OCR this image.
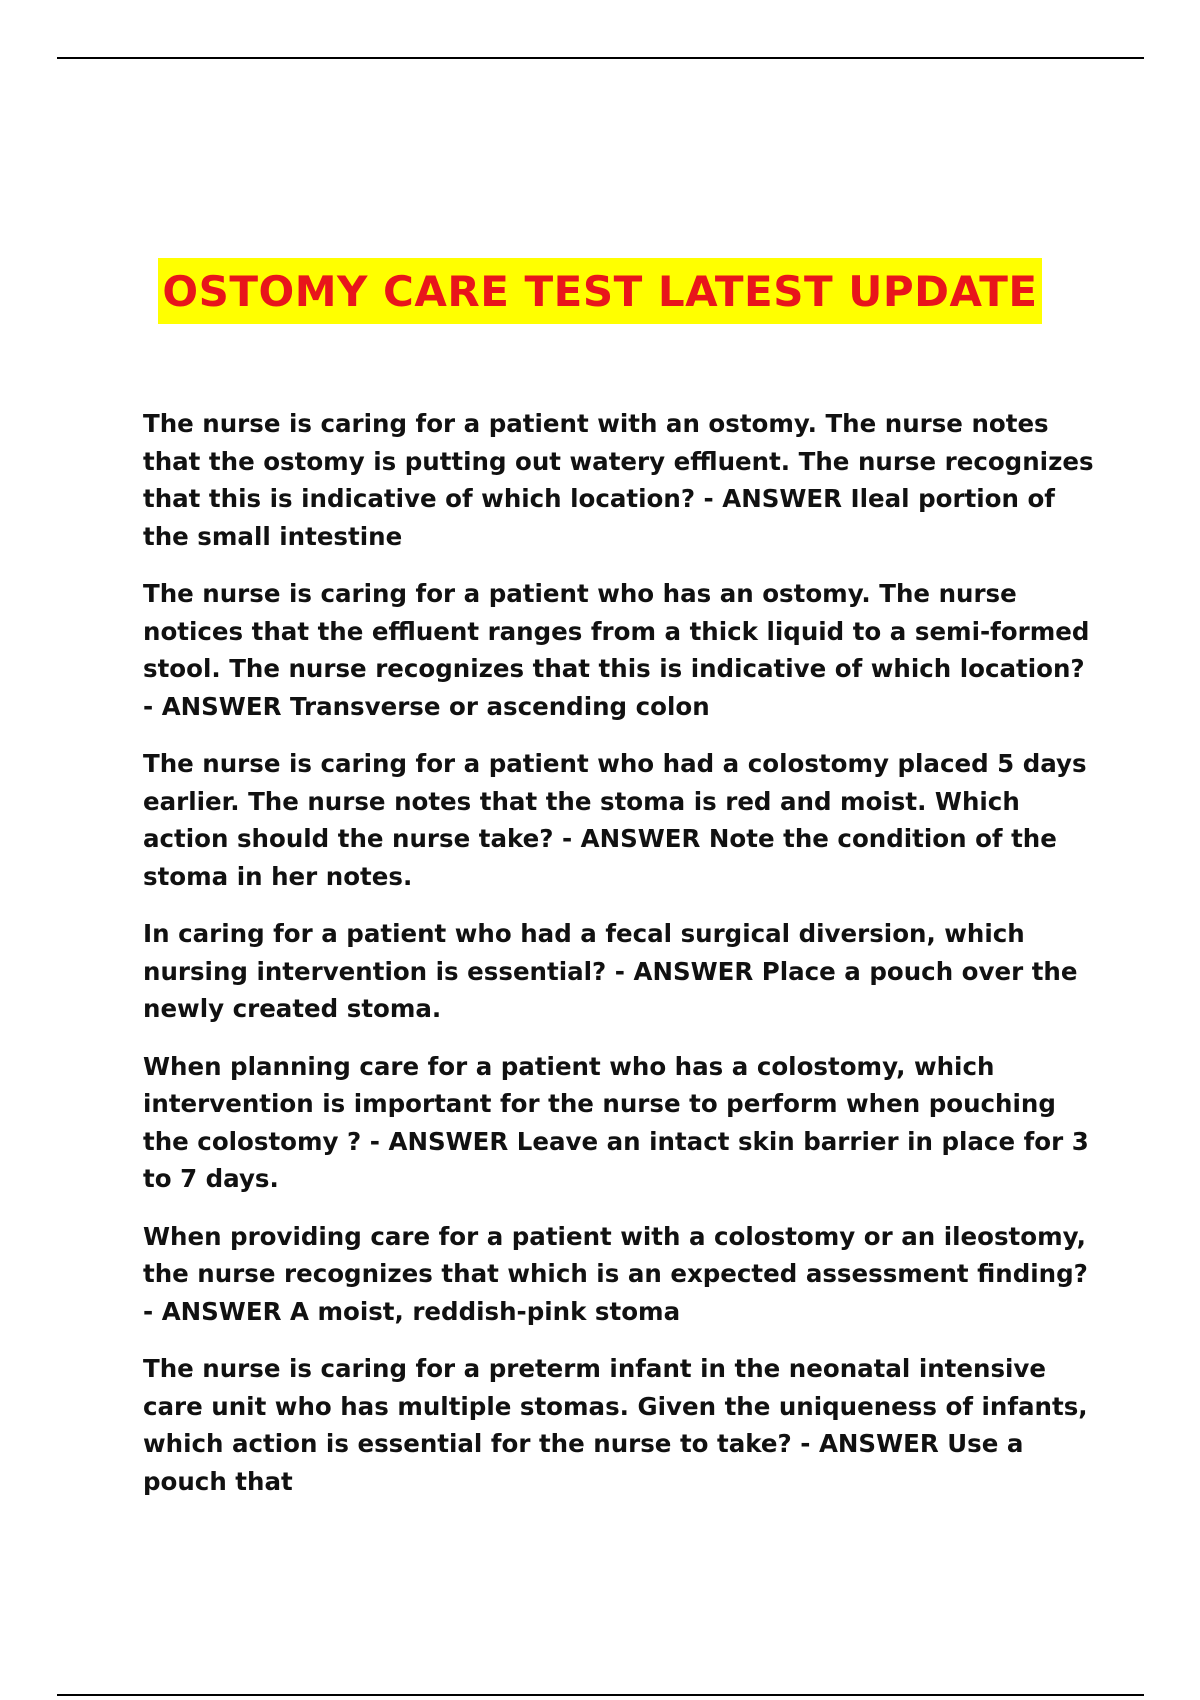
OSTOMY CARE TEST LATEST UPDATE

The nurse is caring for a patient with an ostomy. The nurse notes that the ostomy is putting out watery effluent. The nurse recognizes that this is indicative of which location? - ANSWER Ileal portion of the small intestine

The nurse is caring for a patient who has an ostomy. The nurse notices that the effluent ranges from a thick liquid to a semi-formed stool. The nurse recognizes that this is indicative of which location? - ANSWER Transverse or ascending colon

The nurse is caring for a patient who had a colostomy placed 5 days earlier. The nurse notes that the stoma is red and moist. Which action should the nurse take? - ANSWER Note the condition of the stoma in her notes.

In caring for a patient who had a fecal surgical diversion, which nursing intervention is essential? - ANSWER Place a pouch over the newly created stoma.

When planning care for a patient who has a colostomy, which intervention is important for the nurse to perform when pouching the colostomy ? - ANSWER Leave an intact skin barrier in place for 3 to 7 days.

When providing care for a patient with a colostomy or an ileostomy, the nurse recognizes that which is an expected assessment finding? - ANSWER A moist, reddish-pink stoma

The nurse is caring for a preterm infant in the neonatal intensive care unit who has multiple stomas. Given the uniqueness of infants, which action is essential for the nurse to take? - ANSWER Use a pouch that
